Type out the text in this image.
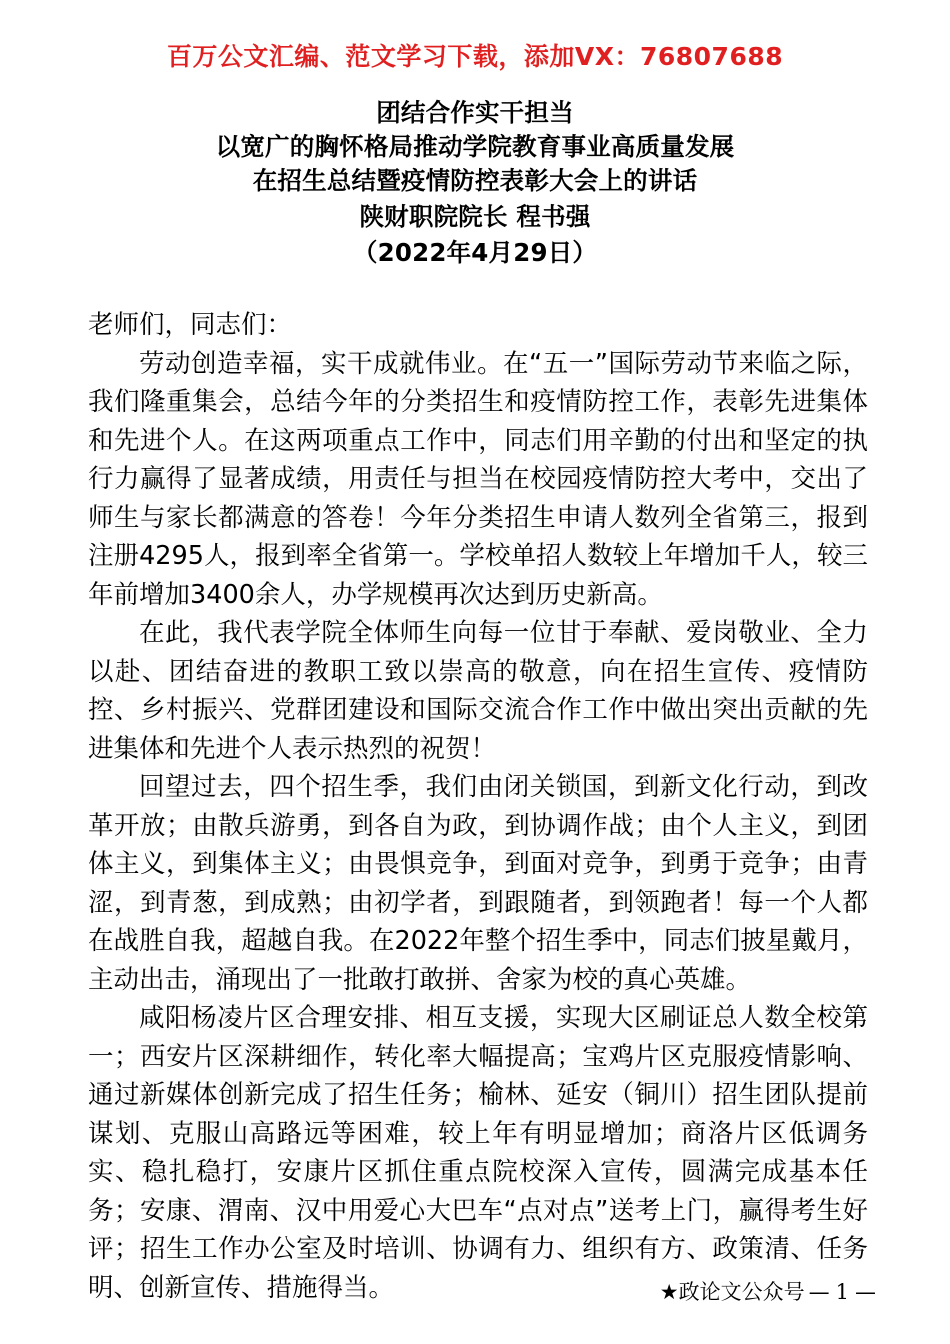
百万公文汇编、范文学习下载，添加VX：76807688
团结合作实干担当
以宽广的胸怀格局推动学院教育事业高质量发展
在招生总结暨疫情防控表彰大会上的讲话
陕财职院院长 程书强
（2022年4月29日）

老师们，同志们：

劳动创造幸福，实干成就伟业。在“五一”国际劳动节来临之际，我们隆重集会，总结今年的分类招生和疫情防控工作，表彰先进集体和先进个人。在这两项重点工作中，同志们用辛勤的付出和坚定的执行力赢得了显著成绩，用责任与担当在校园疫情防控大考中，交出了师生与家长都满意的答卷！今年分类招生申请人数列全省第三，报到注册4295人，报到率全省第一。学校单招人数较上年增加千人，较三年前增加3400余人，办学规模再次达到历史新高。

在此，我代表学院全体师生向每一位甘于奉献、爱岗敬业、全力以赴、团结奋进的教职工致以崇高的敬意，向在招生宣传、疫情防控、乡村振兴、党群团建设和国际交流合作工作中做出突出贡献的先进集体和先进个人表示热烈的祝贺！

回望过去，四个招生季，我们由闭关锁国，到新文化行动，到改革开放；由散兵游勇，到各自为政，到协调作战；由个人主义，到团体主义，到集体主义；由畏惧竞争，到面对竞争，到勇于竞争；由青涩，到青葱，到成熟；由初学者，到跟随者，到领跑者！每一个人都在战胜自我，超越自我。在2022年整个招生季中，同志们披星戴月，主动出击，涌现出了一批敢打敢拼、舍家为校的真心英雄。

咸阳杨凌片区合理安排、相互支援，实现大区刷证总人数全校第一；西安片区深耕细作，转化率大幅提高；宝鸡片区克服疫情影响、通过新媒体创新完成了招生任务；榆林、延安（铜川）招生团队提前谋划、克服山高路远等困难，较上年有明显增加；商洛片区低调务实、稳扎稳打，安康片区抓住重点院校深入宣传，圆满完成基本任务；安康、渭南、汉中用爱心大巴车“点对点”送考上门，赢得考生好评；招生工作办公室及时培训、协调有力、组织有方、政策清、任务明、创新宣传、措施得当。	★政论文公众号 — 1 —
